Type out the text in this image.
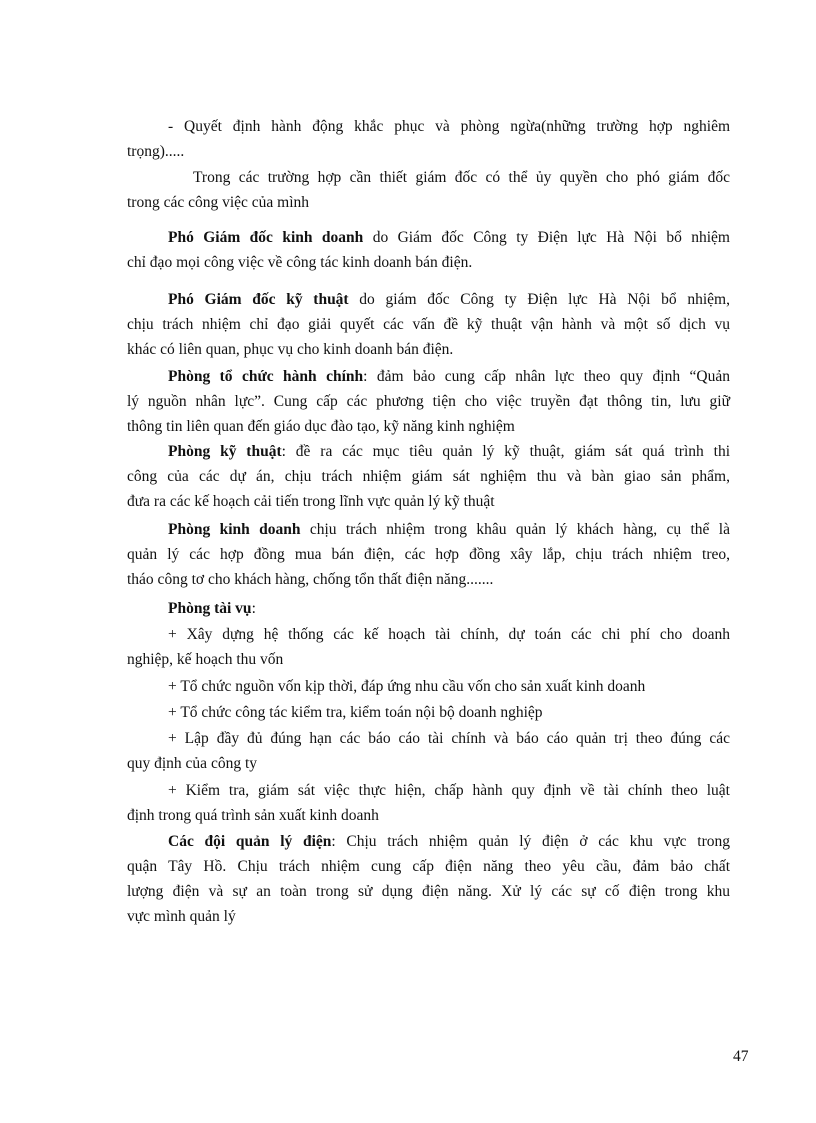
- Quyết định hành động khắc phục và phòng ngừa(những trường hợp nghiêm

trọng).....

Trong các trường hợp cần thiết giám đốc có thể ủy quyền cho phó giám đốc

trong các công việc của mình

Phó Giám đốc kinh doanh do Giám đốc Công ty Điện lực Hà Nội bổ nhiệm

chỉ đạo mọi công việc về công tác kinh doanh bán điện.

Phó Giám đốc kỹ thuật do giám đốc Công ty Điện lực Hà Nội bổ nhiệm,

chịu trách nhiệm chỉ đạo giải quyết các vấn đề kỹ thuật vận hành và một số dịch vụ
khác có liên quan, phục vụ cho kinh doanh bán điện.

Phòng tổ chức hành chính: đảm bảo cung cấp nhân lực theo quy định “Quản

lý nguồn nhân lực”. Cung cấp các phương tiện cho việc truyền đạt thông tin, lưu giữ
thông tin liên quan đến giáo dục đào tạo, kỹ năng kinh nghiệm

Phòng kỹ thuật: đề ra các mục tiêu quản lý kỹ thuật, giám sát quá trình thi

công của các dự án, chịu trách nhiệm giám sát nghiệm thu và bàn giao sản phẩm,
đưa ra các kế hoạch cải tiến trong lĩnh vực quản lý kỹ thuật

Phòng kinh doanh chịu trách nhiệm trong khâu quản lý khách hàng, cụ thể là

quản lý các hợp đồng mua bán điện, các hợp đồng xây lắp, chịu trách nhiệm treo,
tháo công tơ cho khách hàng, chống tổn thất điện năng.......

Phòng tài vụ:

+ Xây dựng hệ thống các kế hoạch tài chính, dự toán các chi phí cho doanh

nghiệp, kế hoạch thu vốn

+ Tổ chức nguồn vốn kịp thời, đáp ứng nhu cầu vốn cho sản xuất kinh doanh

+ Tổ chức công tác kiểm tra, kiểm toán nội bộ doanh nghiệp

+ Lập đầy đủ đúng hạn các báo cáo tài chính và báo cáo quản trị theo đúng các

quy định của công ty

+ Kiểm tra, giám sát việc thực hiện, chấp hành quy định về tài chính theo luật

định trong quá trình sản xuất kinh doanh

Các đội quản lý điện: Chịu trách nhiệm quản lý điện ở các khu vực trong

quận Tây Hồ. Chịu trách nhiệm cung cấp điện năng theo yêu cầu, đảm bảo chất
lượng điện và sự an toàn trong sử dụng điện năng. Xử lý các sự cố điện trong khu
vực mình quản lý

47
